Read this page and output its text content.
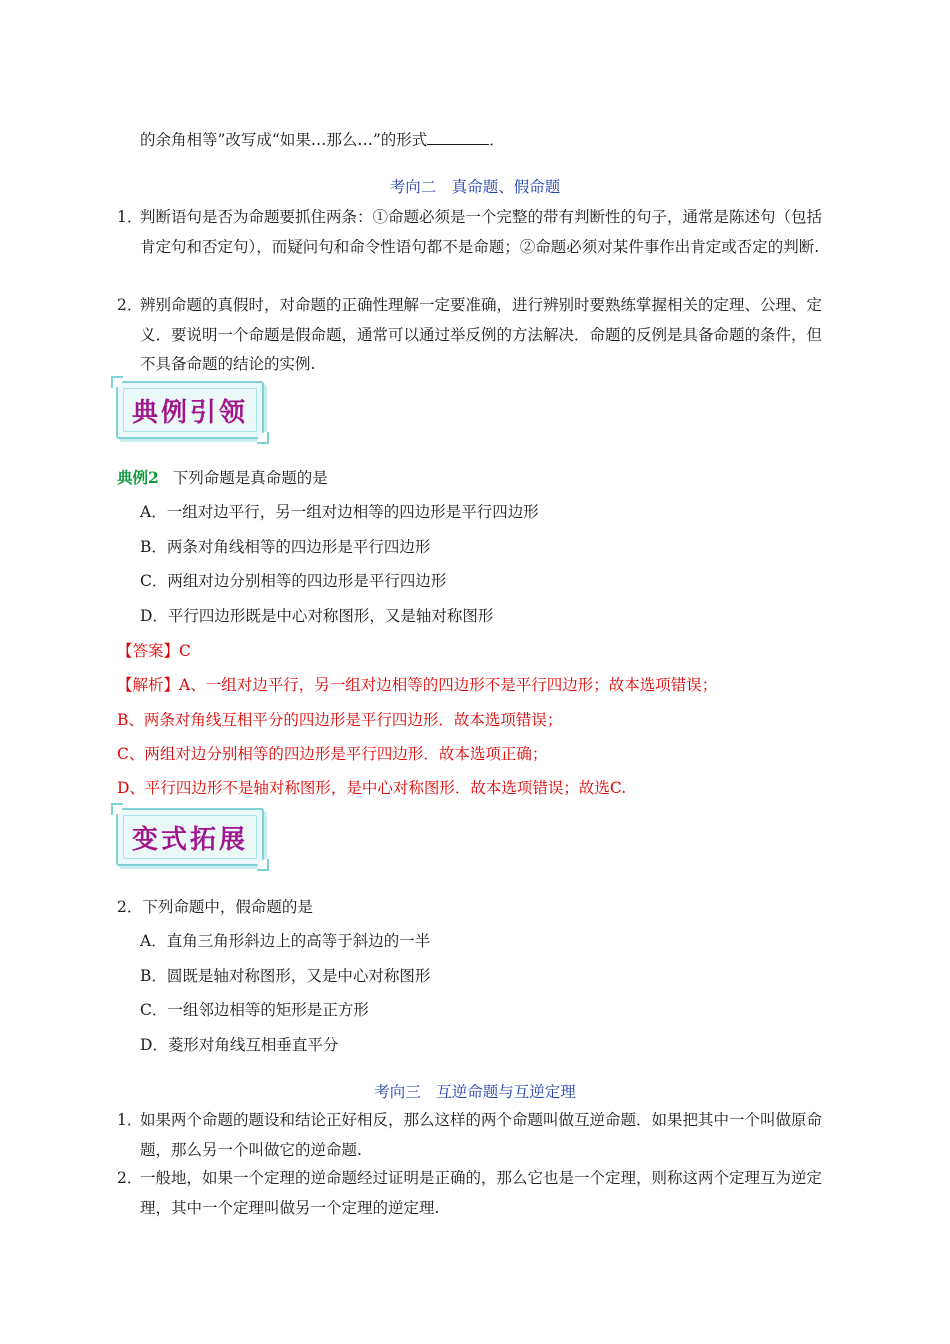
的余角相等”改写成“如果…那么…”的形式	．
考向二　真命题、假命题
1．
判断语句是否为命题要抓住两条：①命题必须是一个完整的带有判断性的句子，通常是陈述句（包括肯定句和否定句），而疑问句和命令性语句都不是命题；②命题必须对某件事作出肯定或否定的判断.
2．
辨别命题的真假时，对命题的正确性理解一定要准确，进行辨别时要熟练掌握相关的定理、公理、定义．要说明一个命题是假命题，通常可以通过举反例的方法解决．命题的反例是具备命题的条件，但不具备命题的结论的实例.
典例引领
典例2 下列命题是真命题的是
A．一组对边平行，另一组对边相等的四边形是平行四边形
B．两条对角线相等的四边形是平行四边形
C．两组对边分别相等的四边形是平行四边形
D．平行四边形既是中心对称图形，又是轴对称图形
【答案】C
【解析】A、一组对边平行，另一组对边相等的四边形不是平行四边形；故本选项错误；
B、两条对角线互相平分的四边形是平行四边形．故本选项错误；
C、两组对边分别相等的四边形是平行四边形．故本选项正确；
D、平行四边形不是轴对称图形，是中心对称图形．故本选项错误；故选C.
变式拓展
2．下列命题中，假命题的是
A．直角三角形斜边上的高等于斜边的一半
B．圆既是轴对称图形，又是中心对称图形
C．一组邻边相等的矩形是正方形
D．菱形对角线互相垂直平分
考向三　互逆命题与互逆定理
1．
如果两个命题的题设和结论正好相反，那么这样的两个命题叫做互逆命题．如果把其中一个叫做原命题，那么另一个叫做它的逆命题.
2．
一般地，如果一个定理的逆命题经过证明是正确的，那么它也是一个定理，则称这两个定理互为逆定理，其中一个定理叫做另一个定理的逆定理.
